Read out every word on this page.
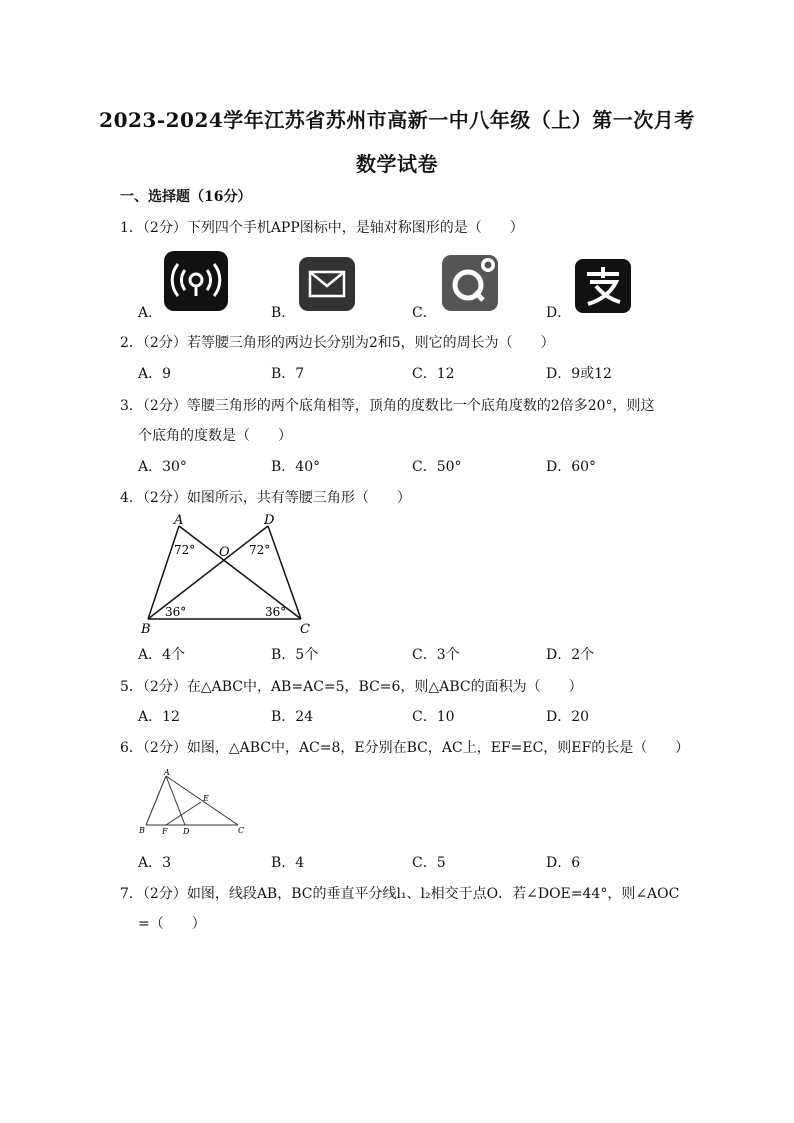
2023-2024学年江苏省苏州市高新一中八年级（上）第一次月考
数学试卷
一、选择题（16分）
1．（2分）下列四个手机APP图标中，是轴对称图形的是（　　）
A．	B．	C．	D．
2．（2分）若等腰三角形的两边长分别为2和5，则它的周长为（　　）
A．9	B．7	C．12	D．9或12
3．（2分）等腰三角形的两个底角相等，顶角的度数比一个底角度数的2倍多20°，则这
个底角的度数是（　　）
A．30°	B．40°	C．50°	D．60°
4．（2分）如图所示，共有等腰三角形（　　）
A	D
O
B	C
72°	72°
36°	36°
A．4个	B．5个	C．3个	D．2个
5．（2分）在△ABC中，AB=AC=5，BC=6，则△ABC的面积为（　　）
A．12	B．24	C．10	D．20
6．（2分）如图，△ABC中，AC=8，E分别在BC，AC上，EF=EC，则EF的长是（　　）
A
B	C
D
E
F
A．3	B．4	C．5	D．6
7．（2分）如图，线段AB，BC的垂直平分线l₁、l₂相交于点O．若∠DOE=44°，则∠AOC
=（　　）
